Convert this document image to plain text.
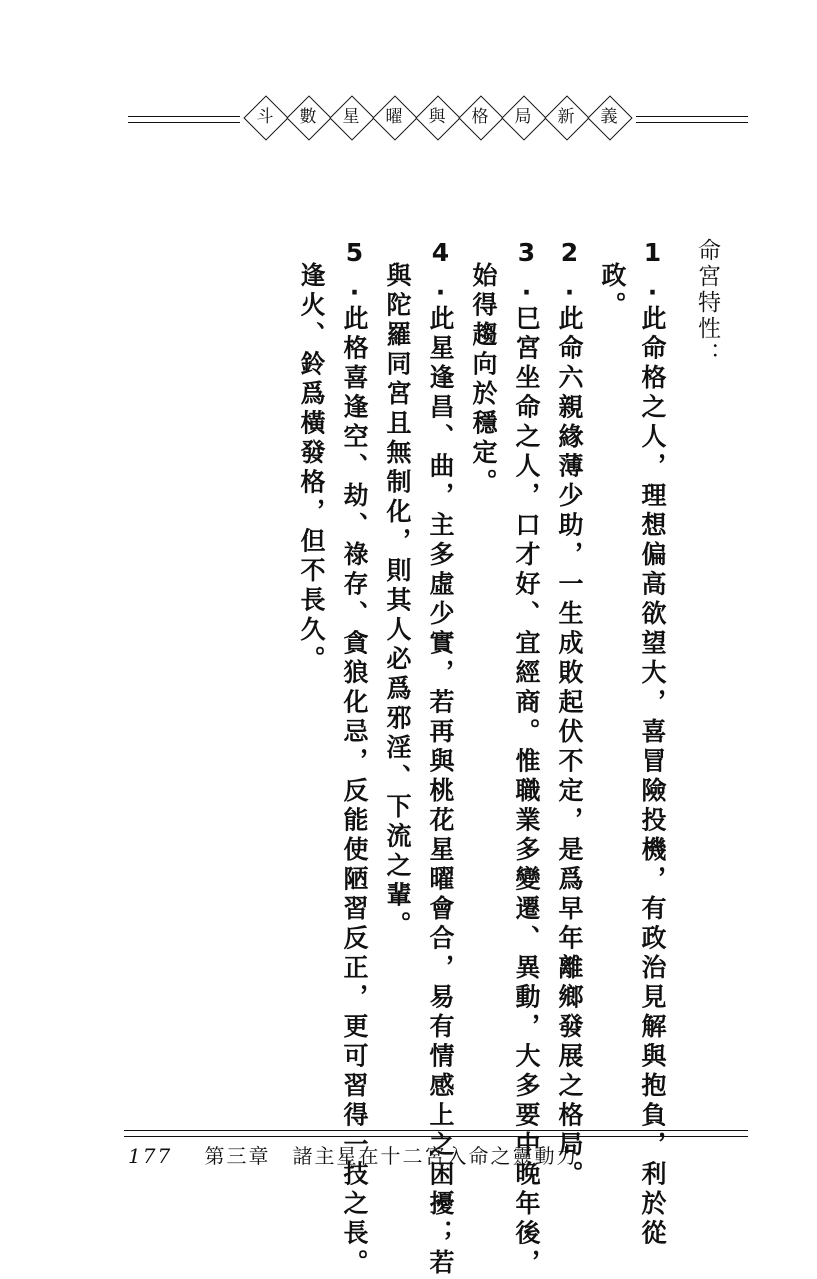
斗	數	星	曜	與	格	局	新	義
命宮特性：
1.此命格之人，理想偏高欲望大，喜冒險投機，有政治見解與抱負，利於從
政。
2.此命六親緣薄少助，一生成敗起伏不定，是爲早年離鄉發展之格局。
3.巳宮坐命之人，口才好、宜經商。惟職業多變遷、異動，大多要中晚年後，
始得趨向於穩定。
4.此星逢昌、曲，主多虛少實，若再與桃花星曜會合，易有情感上之困擾；若
與陀羅同宮且無制化，則其人必爲邪淫、下流之輩。
5.此格喜逢空、劫、祿存、貪狼化忌，反能使陋習反正，更可習得一技之長。
逢火、鈴爲橫發格，但不長久。
177 第三章　諸主星在十二宮入命之靈動力
